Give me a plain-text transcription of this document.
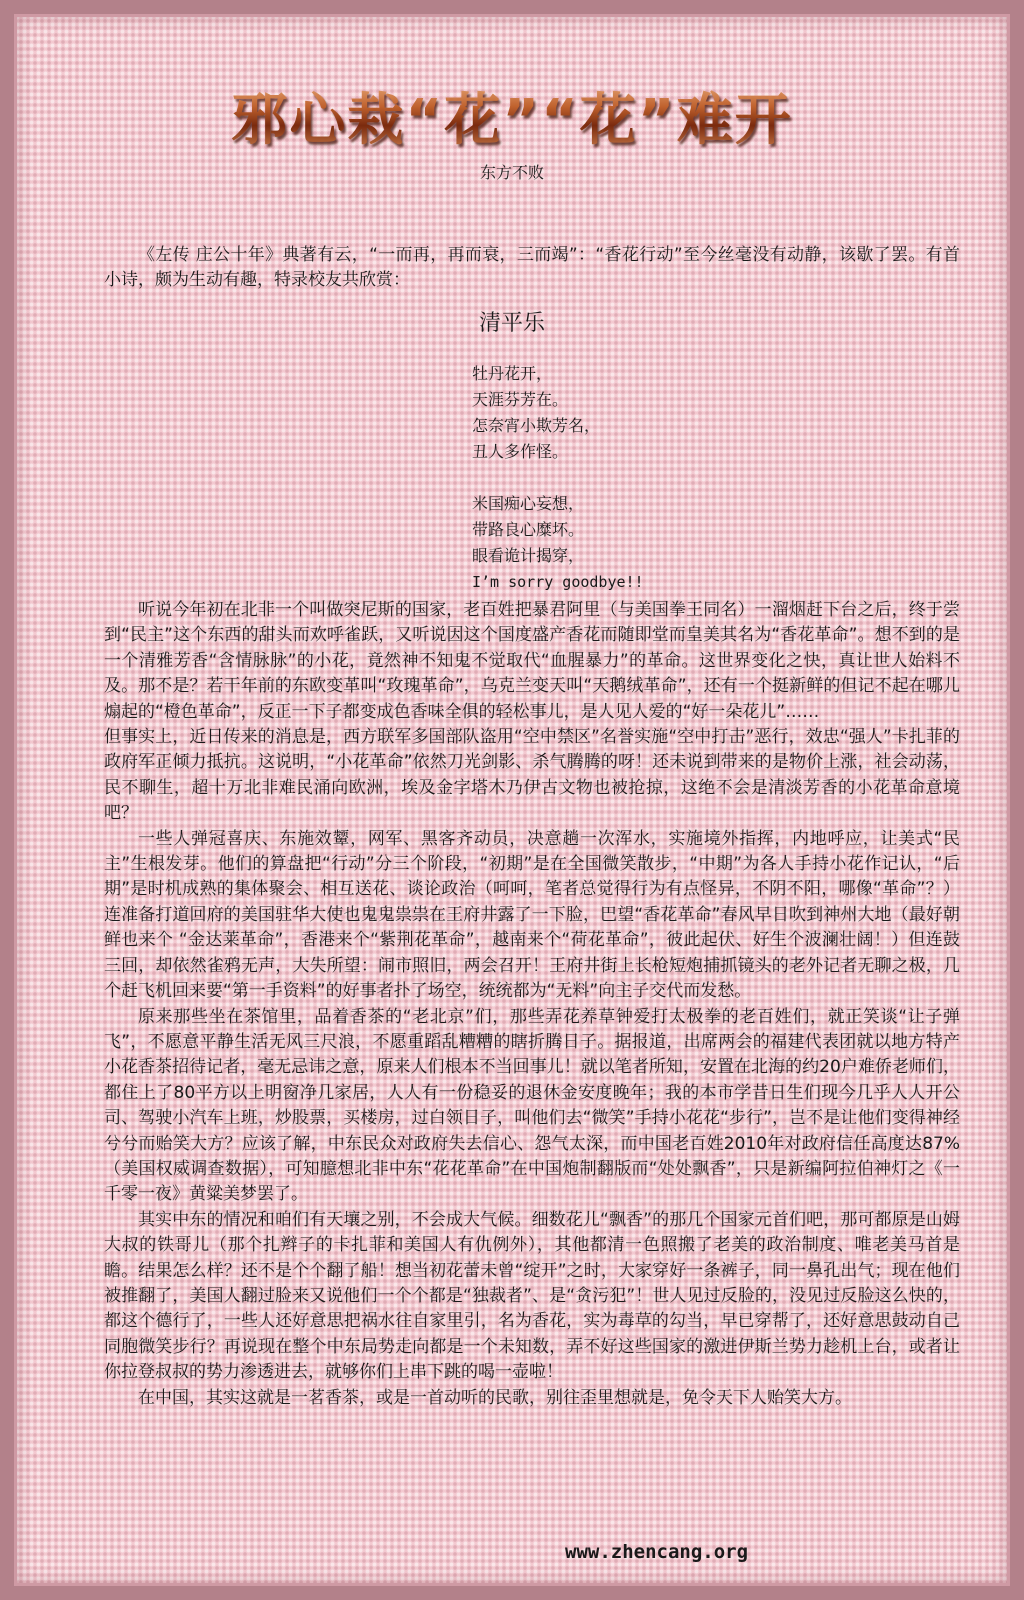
邪心栽“花”“花”难开
东方不败

《左传 庄公十年》典著有云，“一而再，再而衰，三而竭”：“香花行动”至今丝毫没有动静，该歇了罢。有首小诗，颇为生动有趣，特录校友共欣赏：

清平乐
牡丹花开，
天涯芬芳在。
怎奈宵小欺芳名，
丑人多作怪。
米国痴心妄想，
带路良心糜坏。
眼看诡计揭穿，
I’m sorry goodbye!!

听说今年初在北非一个叫做突尼斯的国家，老百姓把暴君阿里（与美国拳王同名）一溜烟赶下台之后，终于尝到“民主”这个东西的甜头而欢呼雀跃，又听说因这个国度盛产香花而随即堂而皇美其名为“香花革命”。想不到的是一个清雅芳香“含情脉脉”的小花，竟然神不知鬼不觉取代“血腥暴力”的革命。这世界变化之快，真让世人始料不及。那不是？若干年前的东欧变革叫“玫瑰革命”，乌克兰变天叫“天鹅绒革命”，还有一个挺新鲜的但记不起在哪儿煽起的“橙色革命”，反正一下子都变成色香味全俱的轻松事儿，是人见人爱的“好一朵花儿”……

但事实上，近日传来的消息是，西方联军多国部队盗用“空中禁区”名誉实施“空中打击”恶行，效忠“强人”卡扎菲的政府军正倾力抵抗。这说明，“小花革命”依然刀光剑影、杀气腾腾的呀！还未说到带来的是物价上涨，社会动荡，民不聊生，超十万北非难民涌向欧洲，埃及金字塔木乃伊古文物也被抢掠，这绝不会是清淡芳香的小花革命意境吧？

一些人弹冠喜庆、东施效颦，网军、黑客齐动员，决意趟一次浑水，实施境外指挥，内地呼应，让美式“民主”生根发芽。他们的算盘把“行动”分三个阶段，“初期”是在全国微笑散步，“中期”为各人手持小花作记认，“后期”是时机成熟的集体聚会、相互送花、谈论政治（呵呵，笔者总觉得行为有点怪异，不阴不阳，哪像“革命”？）连准备打道回府的美国驻华大使也鬼鬼祟祟在王府井露了一下脸，巴望“香花革命”春风早日吹到神州大地（最好朝鲜也来个 “金达莱革命”，香港来个“紫荆花革命”，越南来个“荷花革命”，彼此起伏、好生个波澜壮阔！）但连鼓三回，却依然雀鸦无声，大失所望：闹市照旧，两会召开！王府井街上长枪短炮捕抓镜头的老外记者无聊之极，几个赶飞机回来要“第一手资料”的好事者扑了场空，统统都为“无料”向主子交代而发愁。

原来那些坐在茶馆里，品着香茶的“老北京”们，那些弄花养草钟爱打太极拳的老百姓们，就正笑谈“让子弹飞”，不愿意平静生活无风三尺浪，不愿重蹈乱糟糟的瞎折腾日子。据报道，出席两会的福建代表团就以地方特产小花香茶招待记者，毫无忌讳之意，原来人们根本不当回事儿！就以笔者所知，安置在北海的约20户难侨老师们，都住上了80平方以上明窗净几家居，人人有一份稳妥的退休金安度晚年；我的本市学昔日生们现今几乎人人开公司、驾驶小汽车上班，炒股票，买楼房，过白领日子，叫他们去“微笑”手持小花花“步行”，岂不是让他们变得神经兮兮而贻笑大方？应该了解，中东民众对政府失去信心、怨气太深，而中国老百姓2010年对政府信任高度达87%（美国权威调查数据），可知臆想北非中东“花花革命”在中国炮制翻版而“处处飘香”，只是新编阿拉伯神灯之《一千零一夜》黄粱美梦罢了。

其实中东的情况和咱们有天壤之别，不会成大气候。细数花儿“飘香”的那几个国家元首们吧，那可都原是山姆大叔的铁哥儿（那个扎辫子的卡扎菲和美国人有仇例外），其他都清一色照搬了老美的政治制度、唯老美马首是瞻。结果怎么样？还不是个个翻了船！想当初花蕾未曾“绽开”之时，大家穿好一条裤子，同一鼻孔出气；现在他们被推翻了，美国人翻过脸来又说他们一个个都是“独裁者”、是“贪污犯”！世人见过反脸的，没见过反脸这么快的，都这个德行了，一些人还好意思把祸水往自家里引，名为香花，实为毒草的勾当，早已穿帮了，还好意思鼓动自己同胞微笑步行？再说现在整个中东局势走向都是一个未知数，弄不好这些国家的激进伊斯兰势力趁机上台，或者让你拉登叔叔的势力渗透进去，就够你们上串下跳的喝一壶啦！

在中国，其实这就是一茗香茶，或是一首动听的民歌，别往歪里想就是，免令天下人贻笑大方。

www.zhencang.org
